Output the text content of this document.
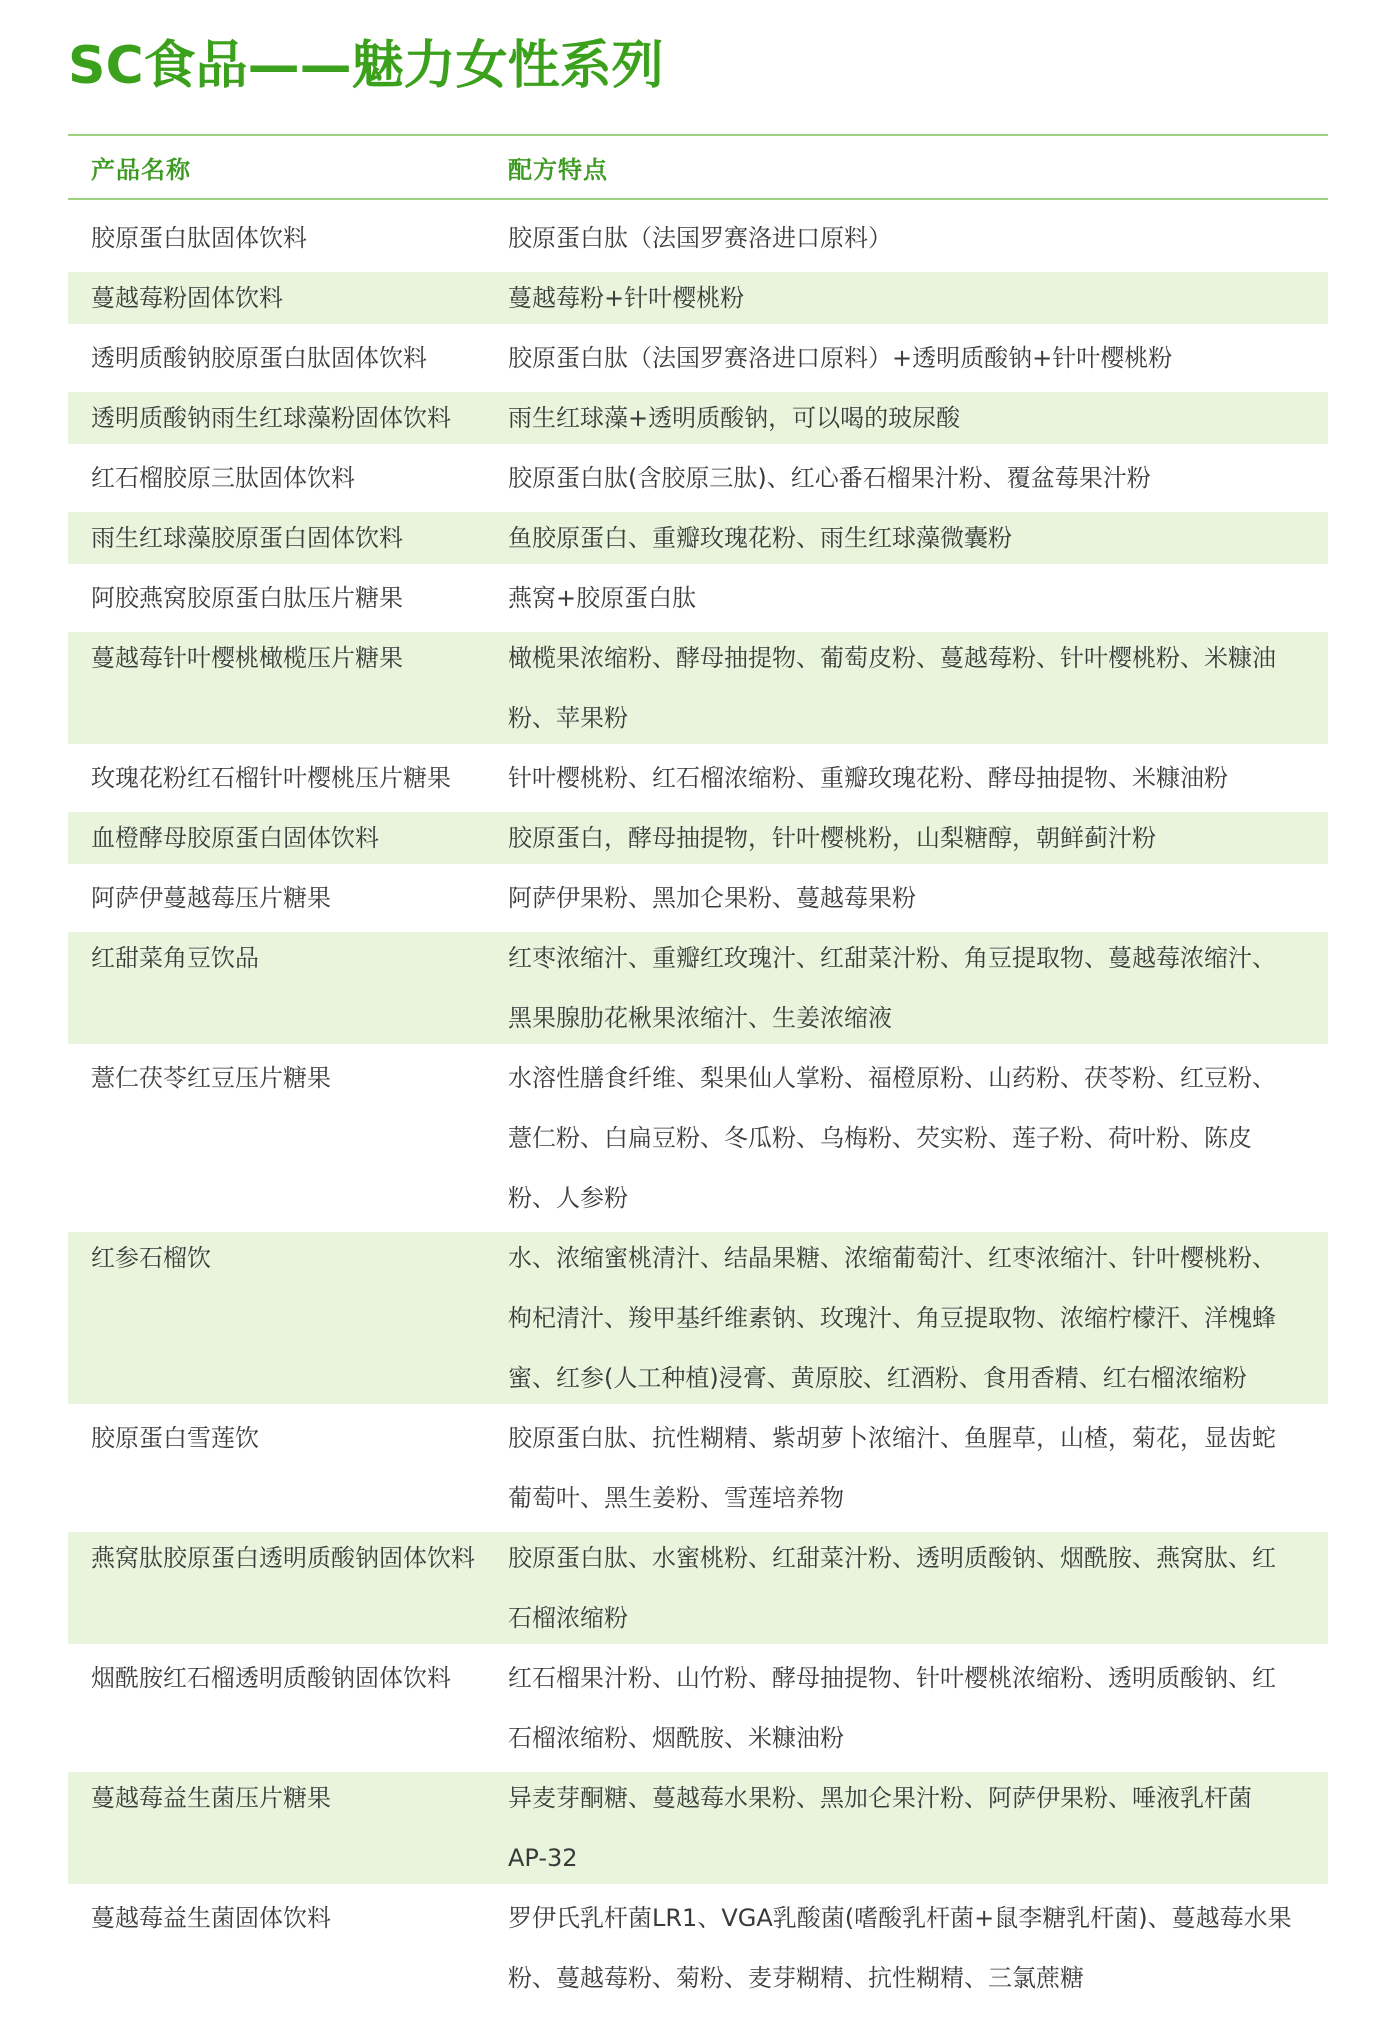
SC食品——魅力女性系列
产品名称	配方特点
胶原蛋白肽固体饮料	胶原蛋白肽（法国罗赛洛进口原料）
蔓越莓粉固体饮料	蔓越莓粉+针叶樱桃粉
透明质酸钠胶原蛋白肽固体饮料	胶原蛋白肽（法国罗赛洛进口原料）+透明质酸钠+针叶樱桃粉
透明质酸钠雨生红球藻粉固体饮料	雨生红球藻+透明质酸钠，可以喝的玻尿酸
红石榴胶原三肽固体饮料	胶原蛋白肽(含胶原三肽)、红心番石榴果汁粉、覆盆莓果汁粉
雨生红球藻胶原蛋白固体饮料	鱼胶原蛋白、重瓣玫瑰花粉、雨生红球藻微囊粉
阿胶燕窝胶原蛋白肽压片糖果	燕窝+胶原蛋白肽
蔓越莓针叶樱桃橄榄压片糖果	橄榄果浓缩粉、酵母抽提物、葡萄皮粉、蔓越莓粉、针叶樱桃粉、米糠油
粉、苹果粉
玫瑰花粉红石榴针叶樱桃压片糖果	针叶樱桃粉、红石榴浓缩粉、重瓣玫瑰花粉、酵母抽提物、米糠油粉
血橙酵母胶原蛋白固体饮料	胶原蛋白，酵母抽提物，针叶樱桃粉，山梨糖醇，朝鲜蓟汁粉
阿萨伊蔓越莓压片糖果	阿萨伊果粉、黑加仑果粉、蔓越莓果粉
红甜菜角豆饮品	红枣浓缩汁、重瓣红玫瑰汁、红甜菜汁粉、角豆提取物、蔓越莓浓缩汁、
黑果腺肋花楸果浓缩汁、生姜浓缩液
薏仁茯苓红豆压片糖果	水溶性膳食纤维、梨果仙人掌粉、福橙原粉、山药粉、茯苓粉、红豆粉、
薏仁粉、白扁豆粉、冬瓜粉、乌梅粉、芡实粉、莲子粉、荷叶粉、陈皮
粉、人参粉
红参石榴饮	水、浓缩蜜桃清汁、结晶果糖、浓缩葡萄汁、红枣浓缩汁、针叶樱桃粉、
枸杞清汁、羧甲基纤维素钠、玫瑰汁、角豆提取物、浓缩柠檬汗、洋槐蜂
蜜、红参(人工种植)浸膏、黄原胶、红酒粉、食用香精、红右榴浓缩粉
胶原蛋白雪莲饮	胶原蛋白肽、抗性糊精、紫胡萝卜浓缩汁、鱼腥草，山楂，菊花，显齿蛇
葡萄叶、黑生姜粉、雪莲培养物
燕窝肽胶原蛋白透明质酸钠固体饮料	胶原蛋白肽、水蜜桃粉、红甜菜汁粉、透明质酸钠、烟酰胺、燕窝肽、红
石榴浓缩粉
烟酰胺红石榴透明质酸钠固体饮料	红石榴果汁粉、山竹粉、酵母抽提物、针叶樱桃浓缩粉、透明质酸钠、红
石榴浓缩粉、烟酰胺、米糠油粉
蔓越莓益生菌压片糖果	异麦芽酮糖、蔓越莓水果粉、黑加仑果汁粉、阿萨伊果粉、唾液乳杆菌
AP-32
蔓越莓益生菌固体饮料	罗伊氏乳杆菌LR1、VGA乳酸菌(嗜酸乳杆菌+鼠李糖乳杆菌)、蔓越莓水果
粉、蔓越莓粉、菊粉、麦芽糊精、抗性糊精、三氯蔗糖
